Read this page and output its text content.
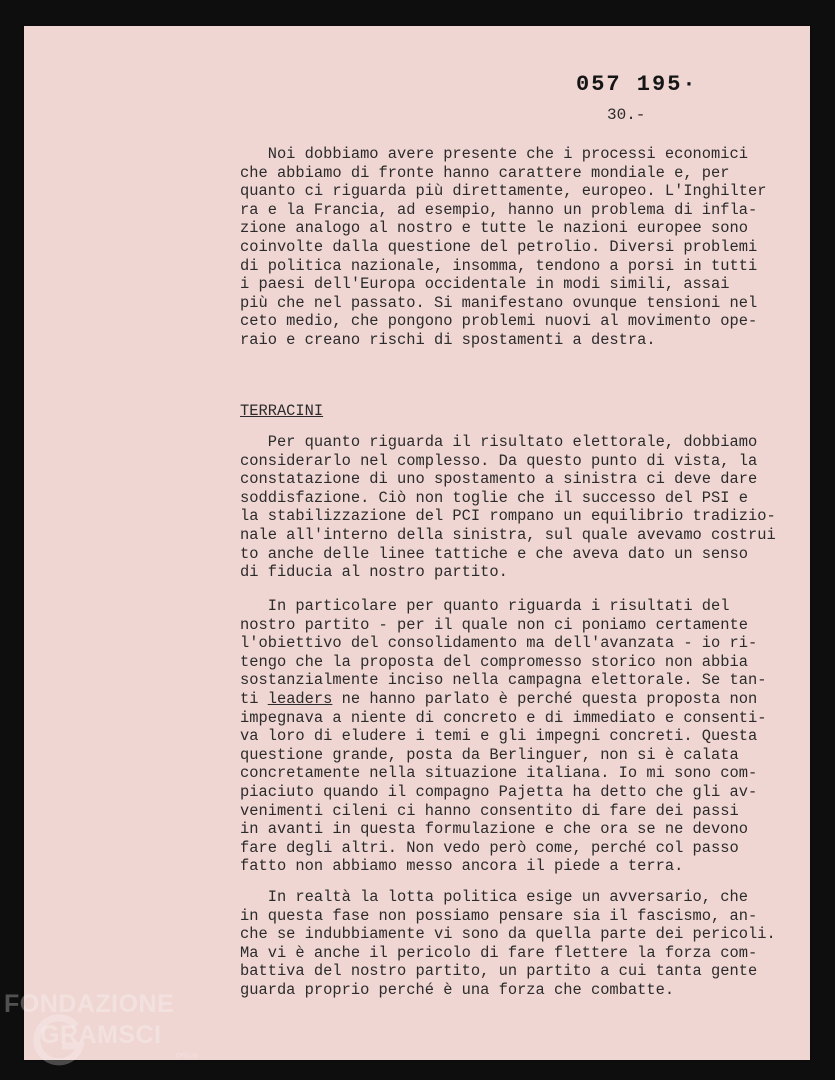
057 195·

30.-

Noi dobbiamo avere presente che i processi economici
che abbiamo di fronte hanno carattere mondiale e, per
quanto ci riguarda più direttamente, europeo. L'Inghilter
ra e la Francia, ad esempio, hanno un problema di infla-
zione analogo al nostro e tutte le nazioni europee sono
coinvolte dalla questione del petrolio. Diversi problemi
di politica nazionale, insomma, tendono a porsi in tutti
i paesi dell'Europa occidentale in modi simili, assai
più che nel passato. Si manifestano ovunque tensioni nel
ceto medio, che pongono problemi nuovi al movimento ope-
raio e creano rischi di spostamenti a destra.

TERRACINI

Per quanto riguarda il risultato elettorale, dobbiamo
considerarlo nel complesso. Da questo punto di vista, la
constatazione di uno spostamento a sinistra ci deve dare
soddisfazione. Ciò non toglie che il successo del PSI e
la stabilizzazione del PCI rompano un equilibrio tradizio-
nale all'interno della sinistra, sul quale avevamo costrui
to anche delle linee tattiche e che aveva dato un senso
di fiducia al nostro partito.

In particolare per quanto riguarda i risultati del
nostro partito - per il quale non ci poniamo certamente
l'obiettivo del consolidamento ma dell'avanzata - io ri-
tengo che la proposta del compromesso storico non abbia
sostanzialmente inciso nella campagna elettorale. Se tan-
ti leaders ne hanno parlato è perché questa proposta non
impegnava a niente di concreto e di immediato e consenti-
va loro di eludere i temi e gli impegni concreti. Questa
questione grande, posta da Berlinguer, non si è calata
concretamente nella situazione italiana. Io mi sono com-
piaciuto quando il compagno Pajetta ha detto che gli av-
venimenti cileni ci hanno consentito di fare dei passi
in avanti in questa formulazione e che ora se ne devono
fare degli altri. Non vedo però come, perché col passo
fatto non abbiamo messo ancora il piede a terra.

In realtà la lotta politica esige un avversario, che
in questa fase non possiamo pensare sia il fascismo, an-
che se indubbiamente vi sono da quella parte dei pericoli.
Ma vi è anche il pericolo di fare flettere la forza com-
battiva del nostro partito, un partito a cui tanta gente
guarda proprio perché è una forza che combatte.

FONDAZIONE
GRAMSCI
onlus
